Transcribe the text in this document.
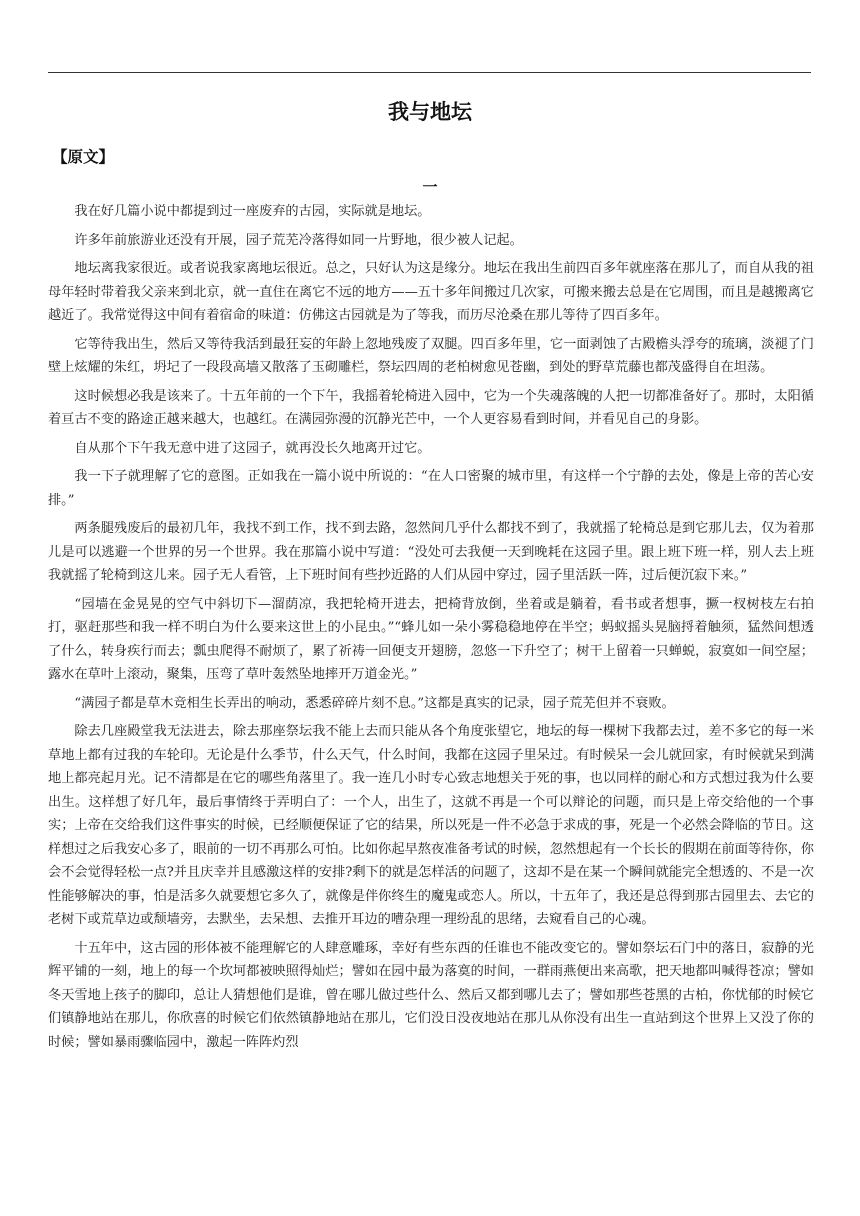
我与地坛
【原文】
一

我在好几篇小说中都提到过一座废弃的古园，实际就是地坛。

许多年前旅游业还没有开展，园子荒芜冷落得如同一片野地，很少被人记起。

地坛离我家很近。或者说我家离地坛很近。总之，只好认为这是缘分。地坛在我出生前四百多年就座落在那儿了，而自从我的祖母年轻时带着我父亲来到北京，就一直住在离它不远的地方——五十多年间搬过几次家，可搬来搬去总是在它周围，而且是越搬离它越近了。我常觉得这中间有着宿命的味道：仿佛这古园就是为了等我，而历尽沧桑在那儿等待了四百多年。

它等待我出生，然后又等待我活到最狂妄的年龄上忽地残废了双腿。四百多年里，它一面剥蚀了古殿檐头浮夸的琉璃，淡褪了门壁上炫耀的朱红，坍圮了一段段高墙又散落了玉砌雕栏，祭坛四周的老柏树愈见苍幽，到处的野草荒藤也都茂盛得自在坦荡。

这时候想必我是该来了。十五年前的一个下午，我摇着轮椅进入园中，它为一个失魂落魄的人把一切都准备好了。那时，太阳循着亘古不变的路途正越来越大，也越红。在满园弥漫的沉静光芒中，一个人更容易看到时间，并看见自己的身影。

自从那个下午我无意中进了这园子，就再没长久地离开过它。

我一下子就理解了它的意图。正如我在一篇小说中所说的：“在人口密聚的城市里，有这样一个宁静的去处，像是上帝的苦心安排。”

两条腿残废后的最初几年，我找不到工作，找不到去路，忽然间几乎什么都找不到了，我就摇了轮椅总是到它那儿去，仅为着那儿是可以逃避一个世界的另一个世界。我在那篇小说中写道：“没处可去我便一天到晚耗在这园子里。跟上班下班一样，别人去上班我就摇了轮椅到这儿来。园子无人看管，上下班时间有些抄近路的人们从园中穿过，园子里活跃一阵，过后便沉寂下来。”

“园墙在金晃晃的空气中斜切下—溜荫凉，我把轮椅开进去，把椅背放倒，坐着或是躺着，看书或者想事，撅一杈树枝左右拍打，驱赶那些和我一样不明白为什么要来这世上的小昆虫。”“蜂儿如一朵小雾稳稳地停在半空；蚂蚁摇头晃脑捋着触须，猛然间想透了什么，转身疾行而去；瓢虫爬得不耐烦了，累了祈祷一回便支开翅膀，忽悠一下升空了；树干上留着一只蝉蜕，寂寞如一间空屋；露水在草叶上滚动，聚集，压弯了草叶轰然坠地摔开万道金光。”

“满园子都是草木竞相生长弄出的响动，悉悉碎碎片刻不息。”这都是真实的记录，园子荒芜但并不衰败。

除去几座殿堂我无法进去，除去那座祭坛我不能上去而只能从各个角度张望它，地坛的每一棵树下我都去过，差不多它的每一米草地上都有过我的车轮印。无论是什么季节，什么天气，什么时间，我都在这园子里呆过。有时候呆一会儿就回家，有时候就呆到满地上都亮起月光。记不清都是在它的哪些角落里了。我一连几小时专心致志地想关于死的事，也以同样的耐心和方式想过我为什么要出生。这样想了好几年，最后事情终于弄明白了：一个人，出生了，这就不再是一个可以辩论的问题，而只是上帝交给他的一个事实；上帝在交给我们这件事实的时候，已经顺便保证了它的结果，所以死是一件不必急于求成的事，死是一个必然会降临的节日。这样想过之后我安心多了，眼前的一切不再那么可怕。比如你起早熬夜准备考试的时候，忽然想起有一个长长的假期在前面等待你，你会不会觉得轻松一点?并且庆幸并且感激这样的安排?剩下的就是怎样活的问题了，这却不是在某一个瞬间就能完全想透的、不是一次性能够解决的事，怕是活多久就要想它多久了，就像是伴你终生的魔鬼或恋人。所以，十五年了，我还是总得到那古园里去、去它的老树下或荒草边或颓墙旁，去默坐，去呆想、去推开耳边的嘈杂理一理纷乱的思绪，去窥看自己的心魂。

十五年中，这古园的形体被不能理解它的人肆意雕琢，幸好有些东西的任谁也不能改变它的。譬如祭坛石门中的落日，寂静的光辉平铺的一刻，地上的每一个坎坷都被映照得灿烂；譬如在园中最为落寞的时间，一群雨燕便出来高歌，把天地都叫喊得苍凉；譬如冬天雪地上孩子的脚印，总让人猜想他们是谁，曾在哪儿做过些什么、然后又都到哪儿去了；譬如那些苍黑的古柏，你忧郁的时候它们镇静地站在那儿，你欣喜的时候它们依然镇静地站在那儿，它们没日没夜地站在那儿从你没有出生一直站到这个世界上又没了你的时候；譬如暴雨骤临园中，激起一阵阵灼烈
